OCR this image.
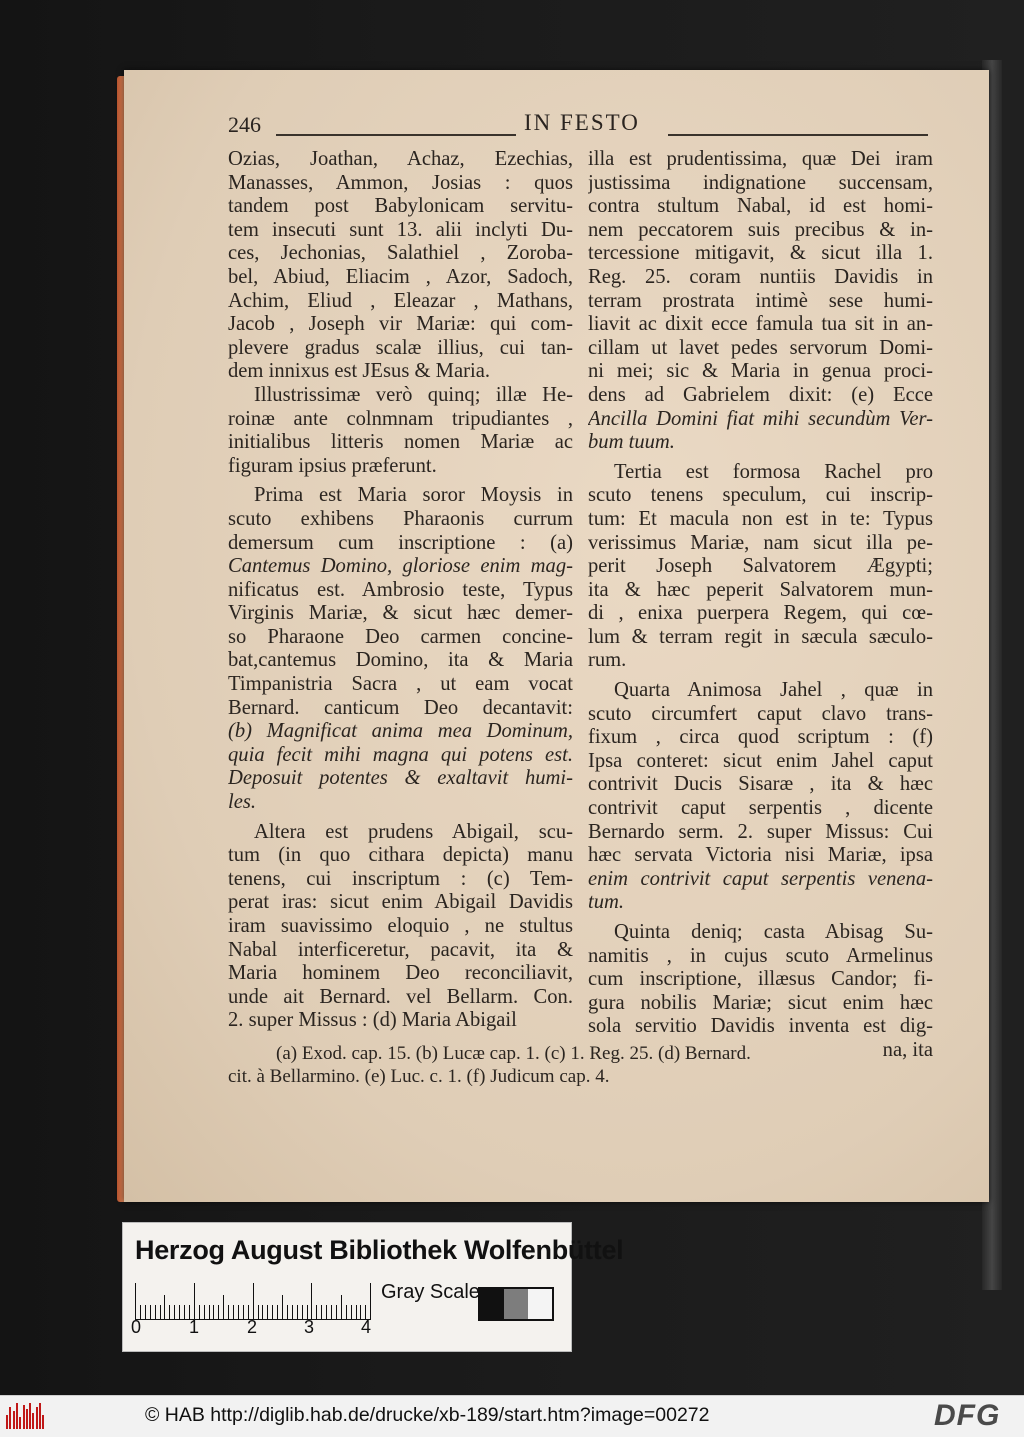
246	IN FESTO
Ozias, Joathan, Achaz, Ezechias,
Manasses, Ammon, Josias : quos
tandem post Babylonicam servitu-
tem insecuti sunt 13. alii inclyti Du-
ces, Jechonias, Salathiel , Zoroba-
bel, Abiud, Eliacim , Azor, Sadoch,
Achim, Eliud , Eleazar , Mathans,
Jacob , Joseph vir Mariæ: qui com-
plevere gradus scalæ illius, cui tan-
dem innixus est JEsus & Maria.
Illustrissimæ verò quinq; illæ He-
roinæ ante colnmnam tripudiantes ,
initialibus litteris nomen Mariæ ac
figuram ipsius præferunt.
Prima est Maria soror Moysis in
scuto exhibens Pharaonis currum
demersum cum inscriptione : (a)
Cantemus Domino, gloriose enim mag-
nificatus est. Ambrosio teste, Typus
Virginis Mariæ, & sicut hæc demer-
so Pharaone Deo carmen concine-
bat,cantemus Domino, ita & Maria
Timpanistria Sacra , ut eam vocat
Bernard. canticum Deo decantavit:
(b) Magnificat anima mea Dominum,
quia fecit mihi magna qui potens est.
Deposuit potentes & exaltavit humi-
les.
Altera est prudens Abigail, scu-
tum (in quo cithara depicta) manu
tenens, cui inscriptum : (c) Tem-
perat iras: sicut enim Abigail Davidis
iram suavissimo eloquio , ne stultus
Nabal interficeretur, pacavit, ita &
Maria hominem Deo reconciliavit,
unde ait Bernard. vel Bellarm. Con.
2. super Missus : (d) Maria Abigail
illa est prudentissima, quæ Dei iram
justissima indignatione succensam,
contra stultum Nabal, id est homi-
nem peccatorem suis precibus & in-
tercessione mitigavit, & sicut illa 1.
Reg. 25. coram nuntiis Davidis in
terram prostrata intimè sese humi-
liavit ac dixit ecce famula tua sit in an-
cillam ut lavet pedes servorum Domi-
ni mei; sic & Maria in genua proci-
dens ad Gabrielem dixit: (e) Ecce
Ancilla Domini fiat mihi secundùm Ver-
bum tuum.
Tertia est formosa Rachel pro
scuto tenens speculum, cui inscrip-
tum: Et macula non est in te: Typus
verissimus Mariæ, nam sicut illa pe-
perit Joseph Salvatorem Ægypti;
ita & hæc peperit Salvatorem mun-
di , enixa puerpera Regem, qui cœ-
lum & terram regit in sæcula sæculo-
rum.
Quarta Animosa Jahel , quæ in
scuto circumfert caput clavo trans-
fixum , circa quod scriptum : (f)
Ipsa conteret: sicut enim Jahel caput
contrivit Ducis Sisaræ , ita & hæc
contrivit caput serpentis , dicente
Bernardo serm. 2. super Missus: Cui
hæc servata Victoria nisi Mariæ, ipsa
enim contrivit caput serpentis venena-
tum.
Quinta deniq; casta Abisag Su-
namitis , in cujus scuto Armelinus
cum inscriptione, illæsus Candor; fi-
gura nobilis Mariæ; sicut enim hæc
sola servitio Davidis inventa est dig-
na, ita
(a) Exod. cap. 15. (b) Lucæ cap. 1. (c) 1. Reg. 25. (d) Bernard.
cit. à Bellarmino. (e) Luc. c. 1. (f) Judicum cap. 4.
Herzog August Bibliothek Wolfenbüttel
0	1	2	3	4
Gray Scale
© HAB http://diglib.hab.de/drucke/xb-189/start.htm?image=00272	DFG
